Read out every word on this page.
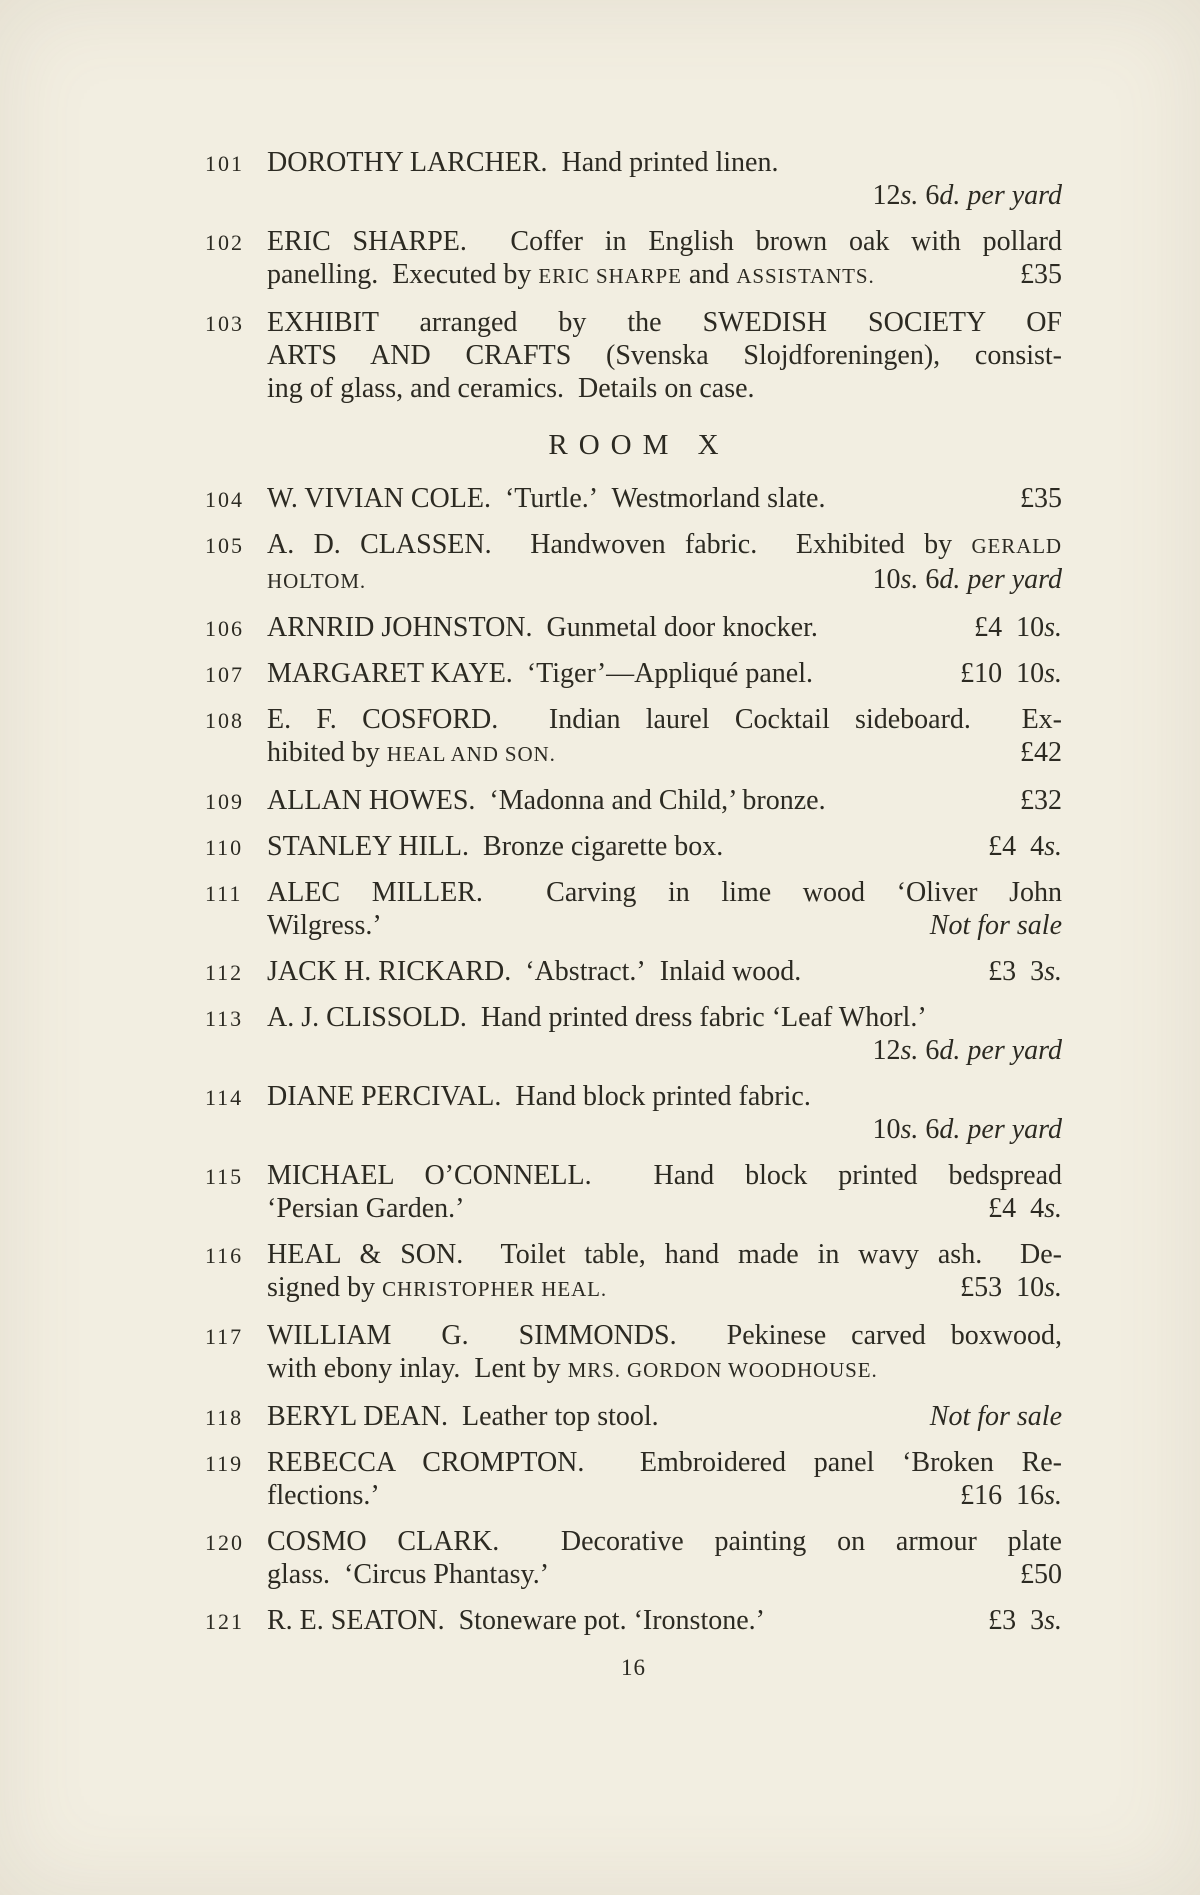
101 DOROTHY LARCHER.  Hand printed linen.
12s. 6d. per yard
102 ERIC SHARPE.  Coffer in English brown oak with pollard
panelling.  Executed by ERIC SHARPE and ASSISTANTS.	£35
103 EXHIBIT arranged by the SWEDISH SOCIETY OF
ARTS AND CRAFTS (Svenska Slojdforeningen), consist-
ing of glass, and ceramics.  Details on case.
ROOM X
104 W. VIVIAN COLE.  ‘Turtle.’  Westmorland slate.	£35
105 A. D. CLASSEN.  Handwoven fabric.  Exhibited by GERALD
HOLTOM.	10s. 6d. per yard
106 ARNRID JOHNSTON.  Gunmetal door knocker.	£4  10s.
107 MARGARET KAYE.  ‘Tiger’—Appliqué panel.	£10  10s.
108 E. F. COSFORD.  Indian laurel Cocktail sideboard.  Ex-
hibited by HEAL AND SON.	£42
109 ALLAN HOWES.  ‘Madonna and Child,’ bronze.	£32
110 STANLEY HILL.  Bronze cigarette box.	£4  4s.
111 ALEC MILLER.  Carving in lime wood ‘Oliver John
Wilgress.’	Not for sale
112 JACK H. RICKARD.  ‘Abstract.’  Inlaid wood.	£3  3s.
113 A. J. CLISSOLD.  Hand printed dress fabric ‘Leaf Whorl.’
12s. 6d. per yard
114 DIANE PERCIVAL.  Hand block printed fabric.
10s. 6d. per yard
115 MICHAEL O’CONNELL.  Hand block printed bedspread
‘Persian Garden.’	£4  4s.
116 HEAL & SON.  Toilet table, hand made in wavy ash.  De-
signed by CHRISTOPHER HEAL.	£53  10s.
117 WILLIAM  G.  SIMMONDS.  Pekinese carved boxwood,
with ebony inlay.  Lent by MRS. GORDON WOODHOUSE.
118 BERYL DEAN.  Leather top stool.	Not for sale
119 REBECCA CROMPTON.  Embroidered panel ‘Broken Re-
flections.’	£16  16s.
120 COSMO CLARK.  Decorative painting on armour plate
glass.  ‘Circus Phantasy.’	£50
121 R. E. SEATON.  Stoneware pot. ‘Ironstone.’	£3  3s.
16
